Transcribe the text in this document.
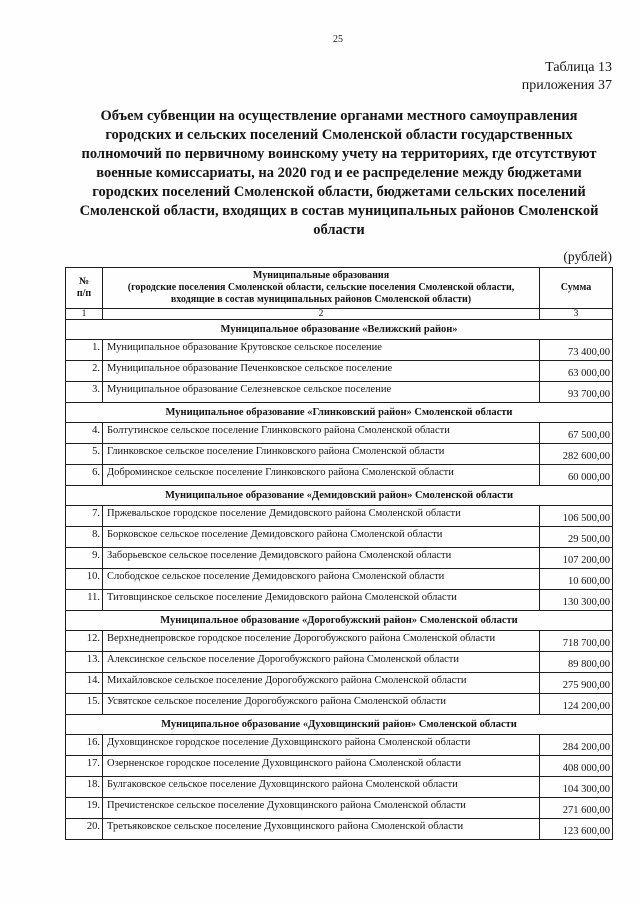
25
Таблица 13
приложения 37
Объем субвенции на осуществление органами местного самоуправления
городских и сельских поселений Смоленской области государственных
полномочий по первичному воинскому учету на территориях, где отсутствуют
военные комиссариаты, на 2020 год и ее распределение между бюджетами
городских поселений Смоленской области, бюджетами сельских поселений
Смоленской области, входящих в состав муниципальных районов Смоленской
области
(рублей)
№
п/п
Муниципальные образования
(городские поселения Смоленской области, сельские поселения Смоленской области,
входящие в состав муниципальных районов Смоленской области)
Сумма
1	2	3
Муниципальное образование «Велижский район»
1. Муниципальное образование Крутовское сельское поселение	73 400,00
2. Муниципальное образование Печенковское сельское поселение	63 000,00
3. Муниципальное образование Селезневское сельское поселение	93 700,00
Муниципальное образование «Глинковский район» Смоленской области
4. Болтутинское сельское поселение Глинковского района Смоленской области	67 500,00
5. Глинковское сельское поселение Глинковского района Смоленской области	282 600,00
6. Доброминское сельское поселение Глинковского района Смоленской области	60 000,00
Муниципальное образование «Демидовский район» Смоленской области
7. Пржевальское городское поселение Демидовского района Смоленской области	106 500,00
8. Борковское сельское поселение Демидовского района Смоленской области	29 500,00
9. Заборьевское сельское поселение Демидовского района Смоленской области	107 200,00
10. Слободское сельское поселение Демидовского района Смоленской области	10 600,00
11. Титовщинское сельское поселение Демидовского района Смоленской области	130 300,00
Муниципальное образование «Дорогобужский район» Смоленской области
12. Верхнеднепровское городское поселение Дорогобужского района Смоленской области	718 700,00
13. Алексинское сельское поселение Дорогобужского района Смоленской области	89 800,00
14. Михайловское сельское поселение Дорогобужского района Смоленской области	275 900,00
15. Усвятское сельское поселение Дорогобужского района Смоленской области	124 200,00
Муниципальное образование «Духовщинский район» Смоленской области
16. Духовщинское городское поселение Духовщинского района Смоленской области	284 200,00
17. Озерненское городское поселение Духовщинского района Смоленской области	408 000,00
18. Булгаковское сельское поселение Духовщинского района Смоленской области	104 300,00
19. Пречистенское сельское поселение Духовщинского района Смоленской области	271 600,00
20. Третьяковское сельское поселение Духовщинского района Смоленской области	123 600,00
